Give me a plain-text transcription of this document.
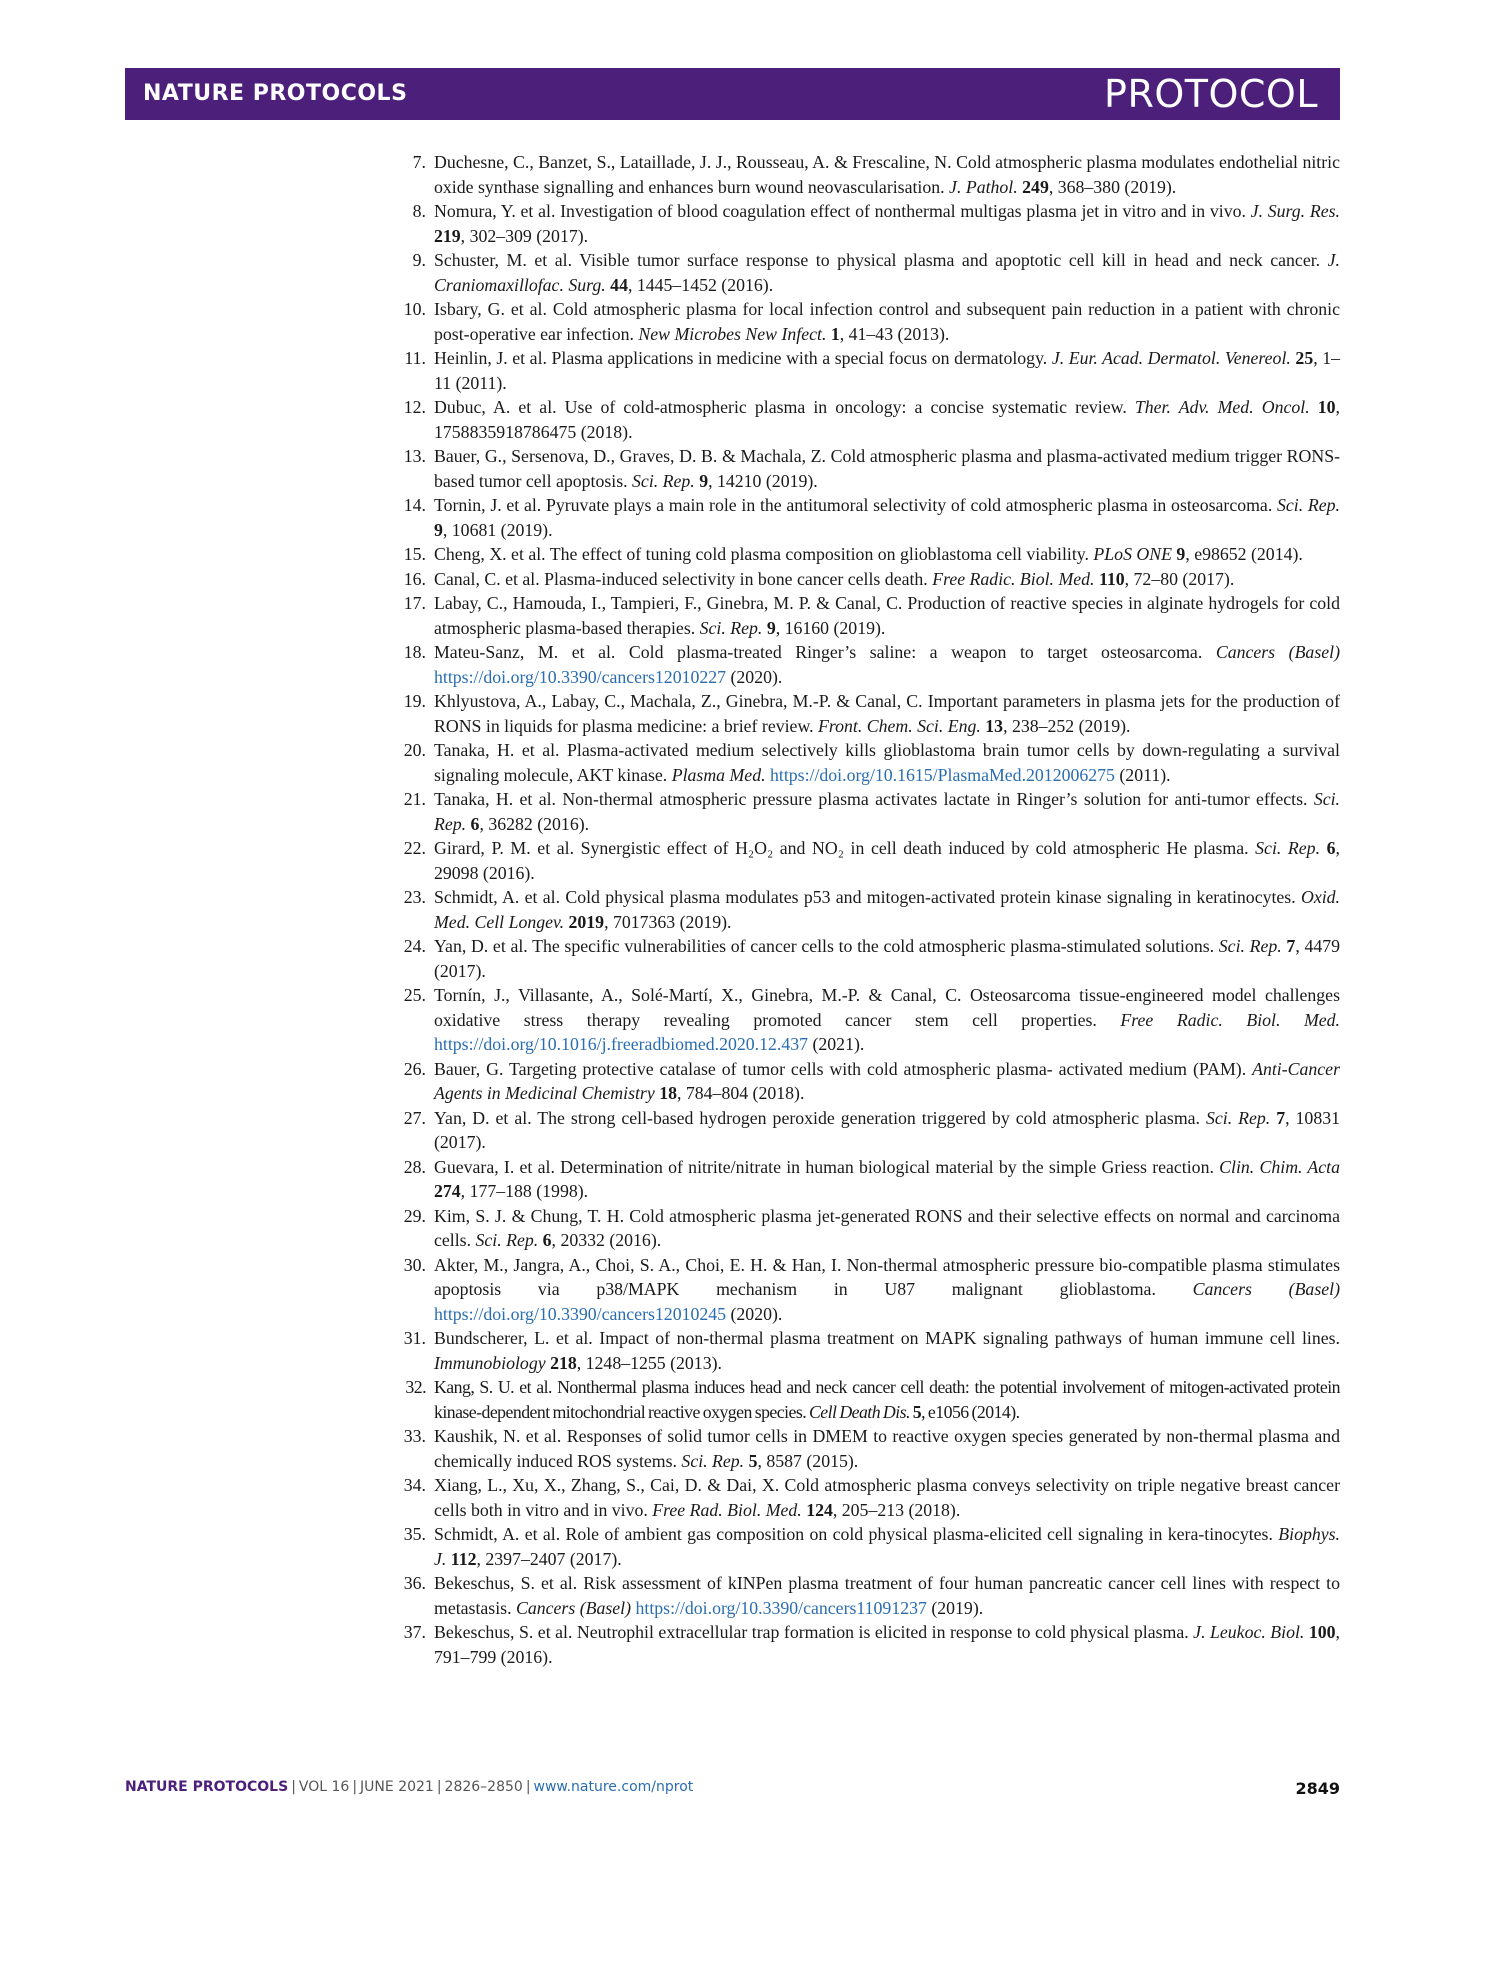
NATURE PROTOCOLS	PROTOCOL
7. Duchesne, C., Banzet, S., Lataillade, J. J., Rousseau, A. & Frescaline, N. Cold atmospheric plasma modulates endothelial nitric oxide synthase signalling and enhances burn wound neovascularisation. J. Pathol. 249, 368–380 (2019).
8. Nomura, Y. et al. Investigation of blood coagulation effect of nonthermal multigas plasma jet in vitro and in vivo. J. Surg. Res. 219, 302–309 (2017).
9. Schuster, M. et al. Visible tumor surface response to physical plasma and apoptotic cell kill in head and neck cancer. J. Craniomaxillofac. Surg. 44, 1445–1452 (2016).
10. Isbary, G. et al. Cold atmospheric plasma for local infection control and subsequent pain reduction in a patient with chronic post-operative ear infection. New Microbes New Infect. 1, 41–43 (2013).
11. Heinlin, J. et al. Plasma applications in medicine with a special focus on dermatology. J. Eur. Acad. Dermatol. Venereol. 25, 1–11 (2011).
12. Dubuc, A. et al. Use of cold-atmospheric plasma in oncology: a concise systematic review. Ther. Adv. Med. Oncol. 10, 1758835918786475 (2018).
13. Bauer, G., Sersenova, D., Graves, D. B. & Machala, Z. Cold atmospheric plasma and plasma-activated medium trigger RONS-based tumor cell apoptosis. Sci. Rep. 9, 14210 (2019).
14. Tornin, J. et al. Pyruvate plays a main role in the antitumoral selectivity of cold atmospheric plasma in osteosarcoma. Sci. Rep. 9, 10681 (2019).
15. Cheng, X. et al. The effect of tuning cold plasma composition on glioblastoma cell viability. PLoS ONE 9, e98652 (2014).
16. Canal, C. et al. Plasma-induced selectivity in bone cancer cells death. Free Radic. Biol. Med. 110, 72–80 (2017).
17. Labay, C., Hamouda, I., Tampieri, F., Ginebra, M. P. & Canal, C. Production of reactive species in alginate hydrogels for cold atmospheric plasma-based therapies. Sci. Rep. 9, 16160 (2019).
18. Mateu-Sanz, M. et al. Cold plasma-treated Ringer’s saline: a weapon to target osteosarcoma. Cancers (Basel) https://doi.org/10.3390/cancers12010227 (2020).
19. Khlyustova, A., Labay, C., Machala, Z., Ginebra, M.-P. & Canal, C. Important parameters in plasma jets for the production of RONS in liquids for plasma medicine: a brief review. Front. Chem. Sci. Eng. 13, 238–252 (2019).
20. Tanaka, H. et al. Plasma-activated medium selectively kills glioblastoma brain tumor cells by down-regulating a survival signaling molecule, AKT kinase. Plasma Med. https://doi.org/10.1615/PlasmaMed.2012006275 (2011).
21. Tanaka, H. et al. Non-thermal atmospheric pressure plasma activates lactate in Ringer’s solution for anti-tumor effects. Sci. Rep. 6, 36282 (2016).
22. Girard, P. M. et al. Synergistic effect of H₂O₂ and NO₂ in cell death induced by cold atmospheric He plasma. Sci. Rep. 6, 29098 (2016).
23. Schmidt, A. et al. Cold physical plasma modulates p53 and mitogen-activated protein kinase signaling in keratinocytes. Oxid. Med. Cell Longev. 2019, 7017363 (2019).
24. Yan, D. et al. The specific vulnerabilities of cancer cells to the cold atmospheric plasma-stimulated solutions. Sci. Rep. 7, 4479 (2017).
25. Tornín, J., Villasante, A., Solé-Martí, X., Ginebra, M.-P. & Canal, C. Osteosarcoma tissue-engineered model challenges oxidative stress therapy revealing promoted cancer stem cell properties. Free Radic. Biol. Med. https://doi.org/10.1016/j.freeradbiomed.2020.12.437 (2021).
26. Bauer, G. Targeting protective catalase of tumor cells with cold atmospheric plasma- activated medium (PAM). Anti-Cancer Agents in Medicinal Chemistry 18, 784–804 (2018).
27. Yan, D. et al. The strong cell-based hydrogen peroxide generation triggered by cold atmospheric plasma. Sci. Rep. 7, 10831 (2017).
28. Guevara, I. et al. Determination of nitrite/nitrate in human biological material by the simple Griess reaction. Clin. Chim. Acta 274, 177–188 (1998).
29. Kim, S. J. & Chung, T. H. Cold atmospheric plasma jet-generated RONS and their selective effects on normal and carcinoma cells. Sci. Rep. 6, 20332 (2016).
30. Akter, M., Jangra, A., Choi, S. A., Choi, E. H. & Han, I. Non-thermal atmospheric pressure bio-compatible plasma stimulates apoptosis via p38/MAPK mechanism in U87 malignant glioblastoma. Cancers (Basel) https://doi.org/10.3390/cancers12010245 (2020).
31. Bundscherer, L. et al. Impact of non-thermal plasma treatment on MAPK signaling pathways of human immune cell lines. Immunobiology 218, 1248–1255 (2013).
32. Kang, S. U. et al. Nonthermal plasma induces head and neck cancer cell death: the potential involvement of mitogen-activated protein kinase-dependent mitochondrial reactive oxygen species. Cell Death Dis. 5, e1056 (2014).
33. Kaushik, N. et al. Responses of solid tumor cells in DMEM to reactive oxygen species generated by non-thermal plasma and chemically induced ROS systems. Sci. Rep. 5, 8587 (2015).
34. Xiang, L., Xu, X., Zhang, S., Cai, D. & Dai, X. Cold atmospheric plasma conveys selectivity on triple negative breast cancer cells both in vitro and in vivo. Free Rad. Biol. Med. 124, 205–213 (2018).
35. Schmidt, A. et al. Role of ambient gas composition on cold physical plasma-elicited cell signaling in kera-tinocytes. Biophys. J. 112, 2397–2407 (2017).
36. Bekeschus, S. et al. Risk assessment of kINPen plasma treatment of four human pancreatic cancer cell lines with respect to metastasis. Cancers (Basel) https://doi.org/10.3390/cancers11091237 (2019).
37. Bekeschus, S. et al. Neutrophil extracellular trap formation is elicited in response to cold physical plasma. J. Leukoc. Biol. 100, 791–799 (2016).
NATURE PROTOCOLS | VOL 16 | JUNE 2021 | 2826–2850 | www.nature.com/nprot	2849
